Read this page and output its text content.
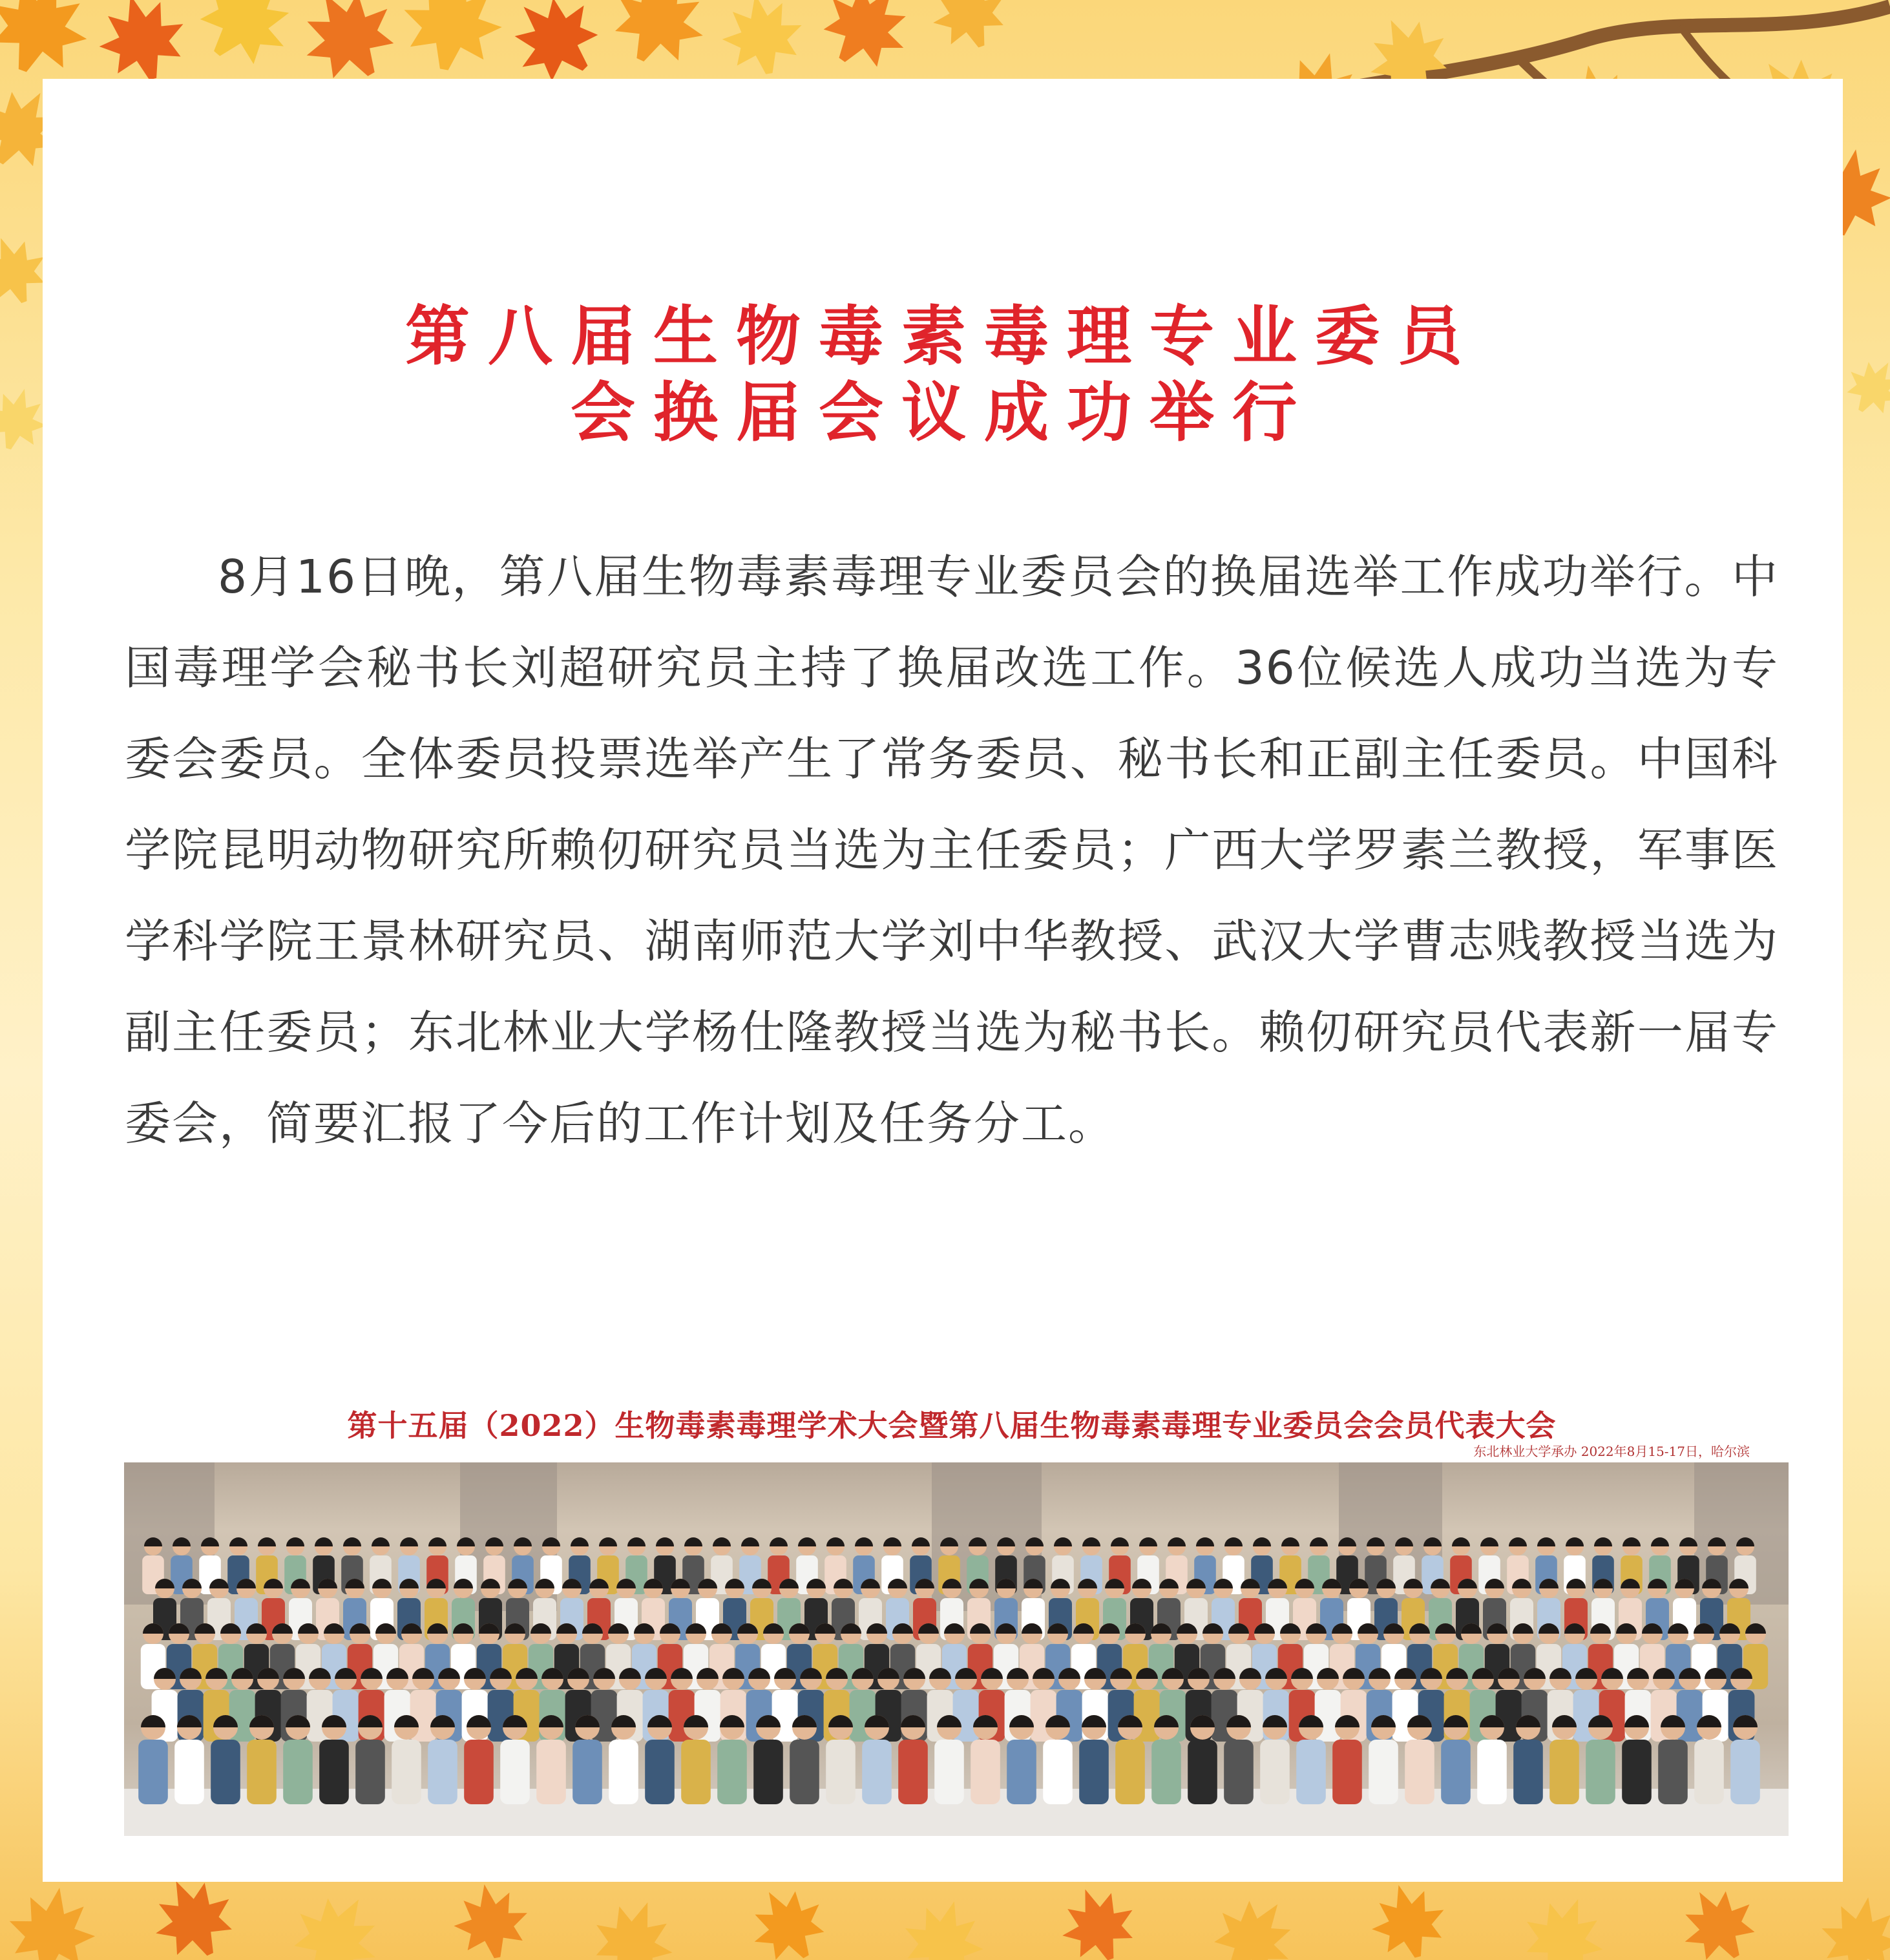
第八届生物毒素毒理专业委员
会换届会议成功举行
8月16日晚，第八届生物毒素毒理专业委员会的换届选举工作成功举行。中国毒理学会秘书长刘超研究员主持了换届改选工作。36位候选人成功当选为专委会委员。全体委员投票选举产生了常务委员、秘书长和正副主任委员。中国科学院昆明动物研究所赖仞研究员当选为主任委员；广西大学罗素兰教授，军事医学科学院王景林研究员、湖南师范大学刘中华教授、武汉大学曹志贱教授当选为副主任委员；东北林业大学杨仕隆教授当选为秘书长。赖仞研究员代表新一届专委会，简要汇报了今后的工作计划及任务分工。
第十五届（2022）生物毒素毒理学术大会暨第八届生物毒素毒理专业委员会会员代表大会
东北林业大学承办 2022年8月15-17日，哈尔滨
